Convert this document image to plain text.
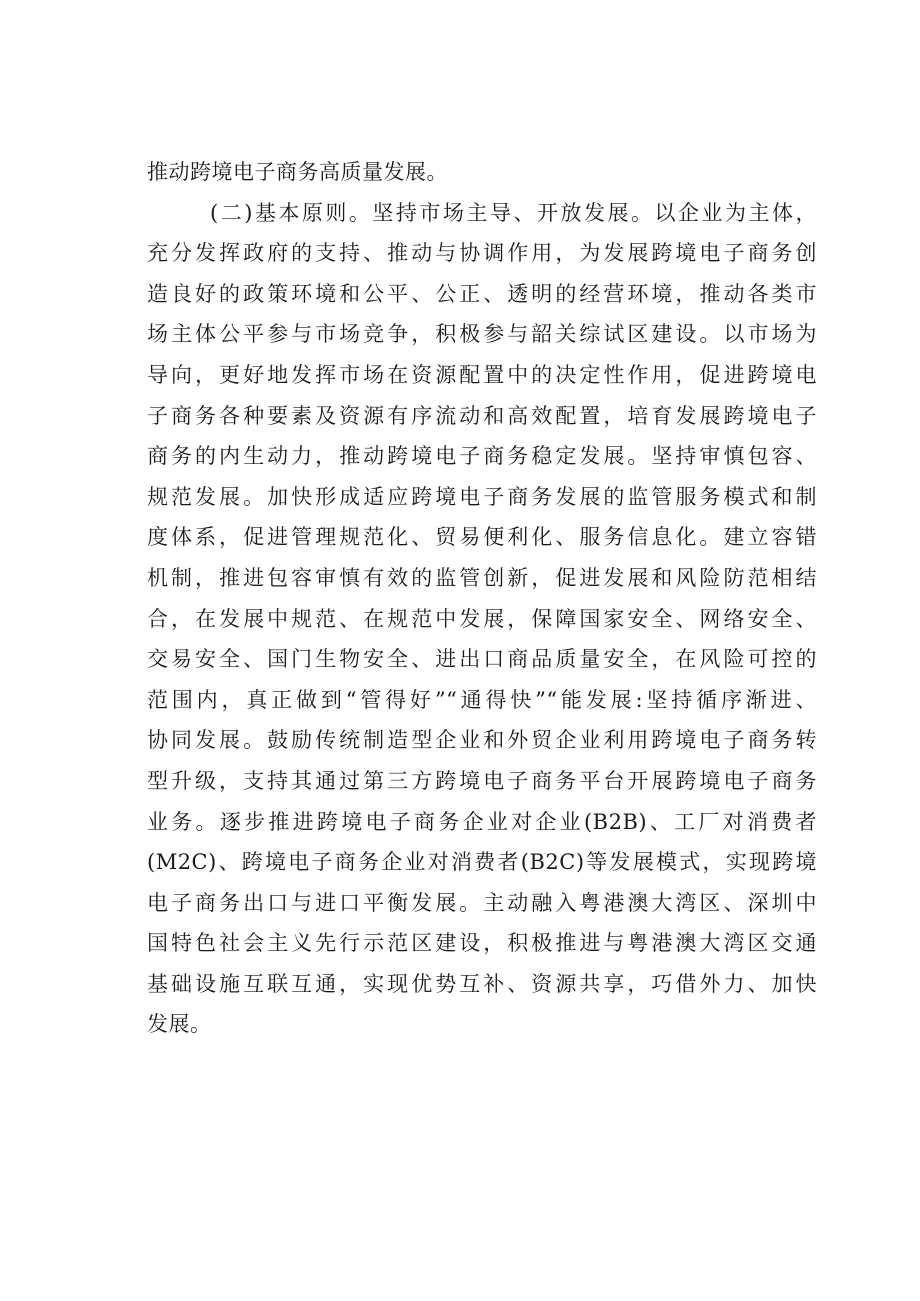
推动跨境电子商务高质量发展。
(二)基本原则。坚持市场主导、开放发展。以企业为主体，
充分发挥政府的支持、推动与协调作用，为发展跨境电子商务创
造良好的政策环境和公平、公正、透明的经营环境，推动各类市
场主体公平参与市场竞争，积极参与韶关综试区建设。以市场为
导向，更好地发挥市场在资源配置中的决定性作用，促进跨境电
子商务各种要素及资源有序流动和高效配置，培育发展跨境电子
商务的内生动力，推动跨境电子商务稳定发展。坚持审慎包容、
规范发展。加快形成适应跨境电子商务发展的监管服务模式和制
度体系，促进管理规范化、贸易便利化、服务信息化。建立容错
机制，推进包容审慎有效的监管创新，促进发展和风险防范相结
合，在发展中规范、在规范中发展，保障国家安全、网络安全、
交易安全、国门生物安全、进出口商品质量安全，在风险可控的
范围内，真正做到“管得好”“通得快”“能发展:坚持循序渐进、
协同发展。鼓励传统制造型企业和外贸企业利用跨境电子商务转
型升级，支持其通过第三方跨境电子商务平台开展跨境电子商务
业务。逐步推进跨境电子商务企业对企业(B2B)、工厂对消费者
(M2C)、跨境电子商务企业对消费者(B2C)等发展模式，实现跨境
电子商务出口与进口平衡发展。主动融入粤港澳大湾区、深圳中
国特色社会主义先行示范区建设，积极推进与粤港澳大湾区交通
基础设施互联互通，实现优势互补、资源共享，巧借外力、加快
发展。
